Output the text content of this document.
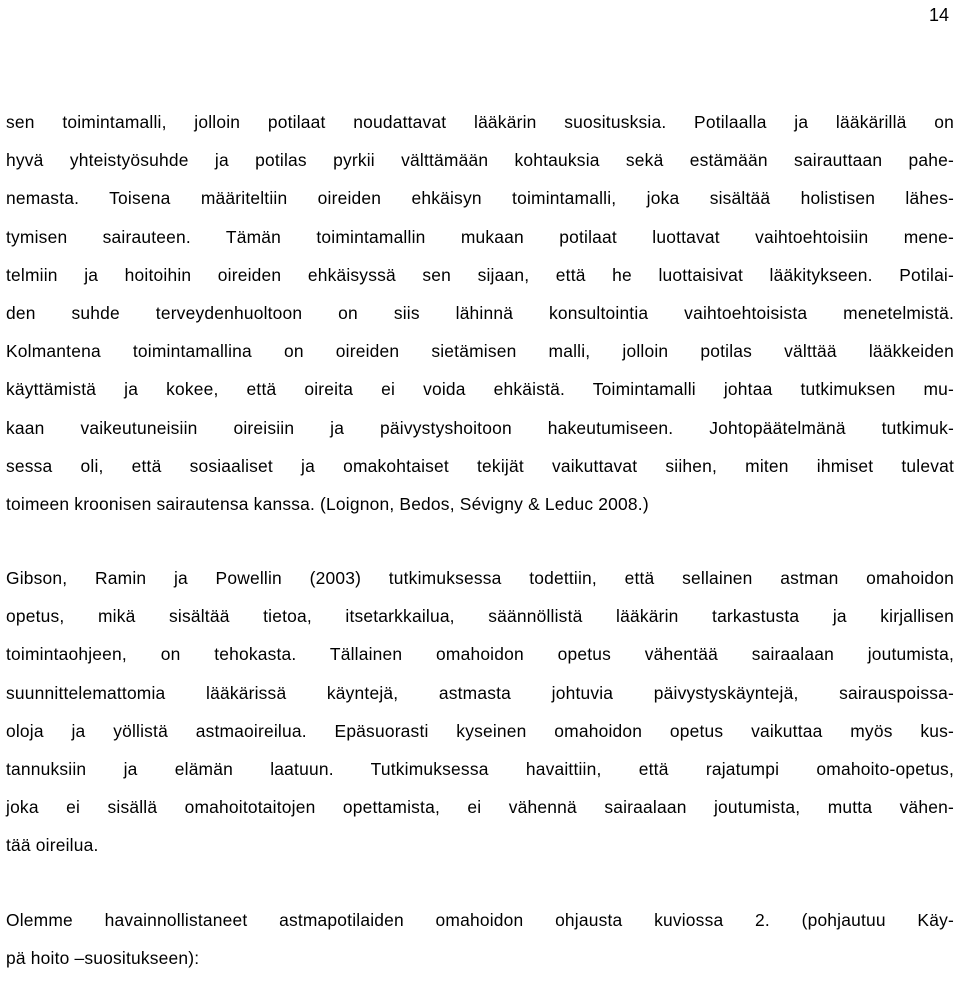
14
sen toimintamalli, jolloin potilaat noudattavat lääkärin suositusksia. Potilaalla ja lääkärillä on
hyvä yhteistyösuhde ja potilas pyrkii välttämään kohtauksia sekä estämään sairauttaan pahe-
nemasta. Toisena määriteltiin oireiden ehkäisyn toimintamalli, joka sisältää holistisen lähes-
tymisen sairauteen. Tämän toimintamallin mukaan potilaat luottavat vaihtoehtoisiin mene-
telmiin ja hoitoihin oireiden ehkäisyssä sen sijaan, että he luottaisivat lääkitykseen. Potilai-
den suhde terveydenhuoltoon on siis lähinnä konsultointia vaihtoehtoisista menetelmistä.
Kolmantena toimintamallina on oireiden sietämisen malli, jolloin potilas välttää lääkkeiden
käyttämistä ja kokee, että oireita ei voida ehkäistä. Toimintamalli johtaa tutkimuksen mu-
kaan vaikeutuneisiin oireisiin ja päivystyshoitoon hakeutumiseen. Johtopäätelmänä tutkimuk-
sessa oli, että sosiaaliset ja omakohtaiset tekijät vaikuttavat siihen, miten ihmiset tulevat
toimeen kroonisen sairautensa kanssa. (Loignon, Bedos, Sévigny & Leduc 2008.)
Gibson, Ramin ja Powellin (2003) tutkimuksessa todettiin, että sellainen astman omahoidon
opetus, mikä sisältää tietoa, itsetarkkailua, säännöllistä lääkärin tarkastusta ja kirjallisen
toimintaohjeen, on tehokasta. Tällainen omahoidon opetus vähentää sairaalaan joutumista,
suunnittelemattomia lääkärissä käyntejä, astmasta johtuvia päivystyskäyntejä, sairauspoissa-
oloja ja yöllistä astmaoireilua. Epäsuorasti kyseinen omahoidon opetus vaikuttaa myös kus-
tannuksiin ja elämän laatuun. Tutkimuksessa havaittiin, että rajatumpi omahoito-opetus,
joka ei sisällä omahoitotaitojen opettamista, ei vähennä sairaalaan joutumista, mutta vähen-
tää oireilua.
Olemme havainnollistaneet astmapotilaiden omahoidon ohjausta kuviossa 2. (pohjautuu Käy-
pä hoito –suositukseen):
